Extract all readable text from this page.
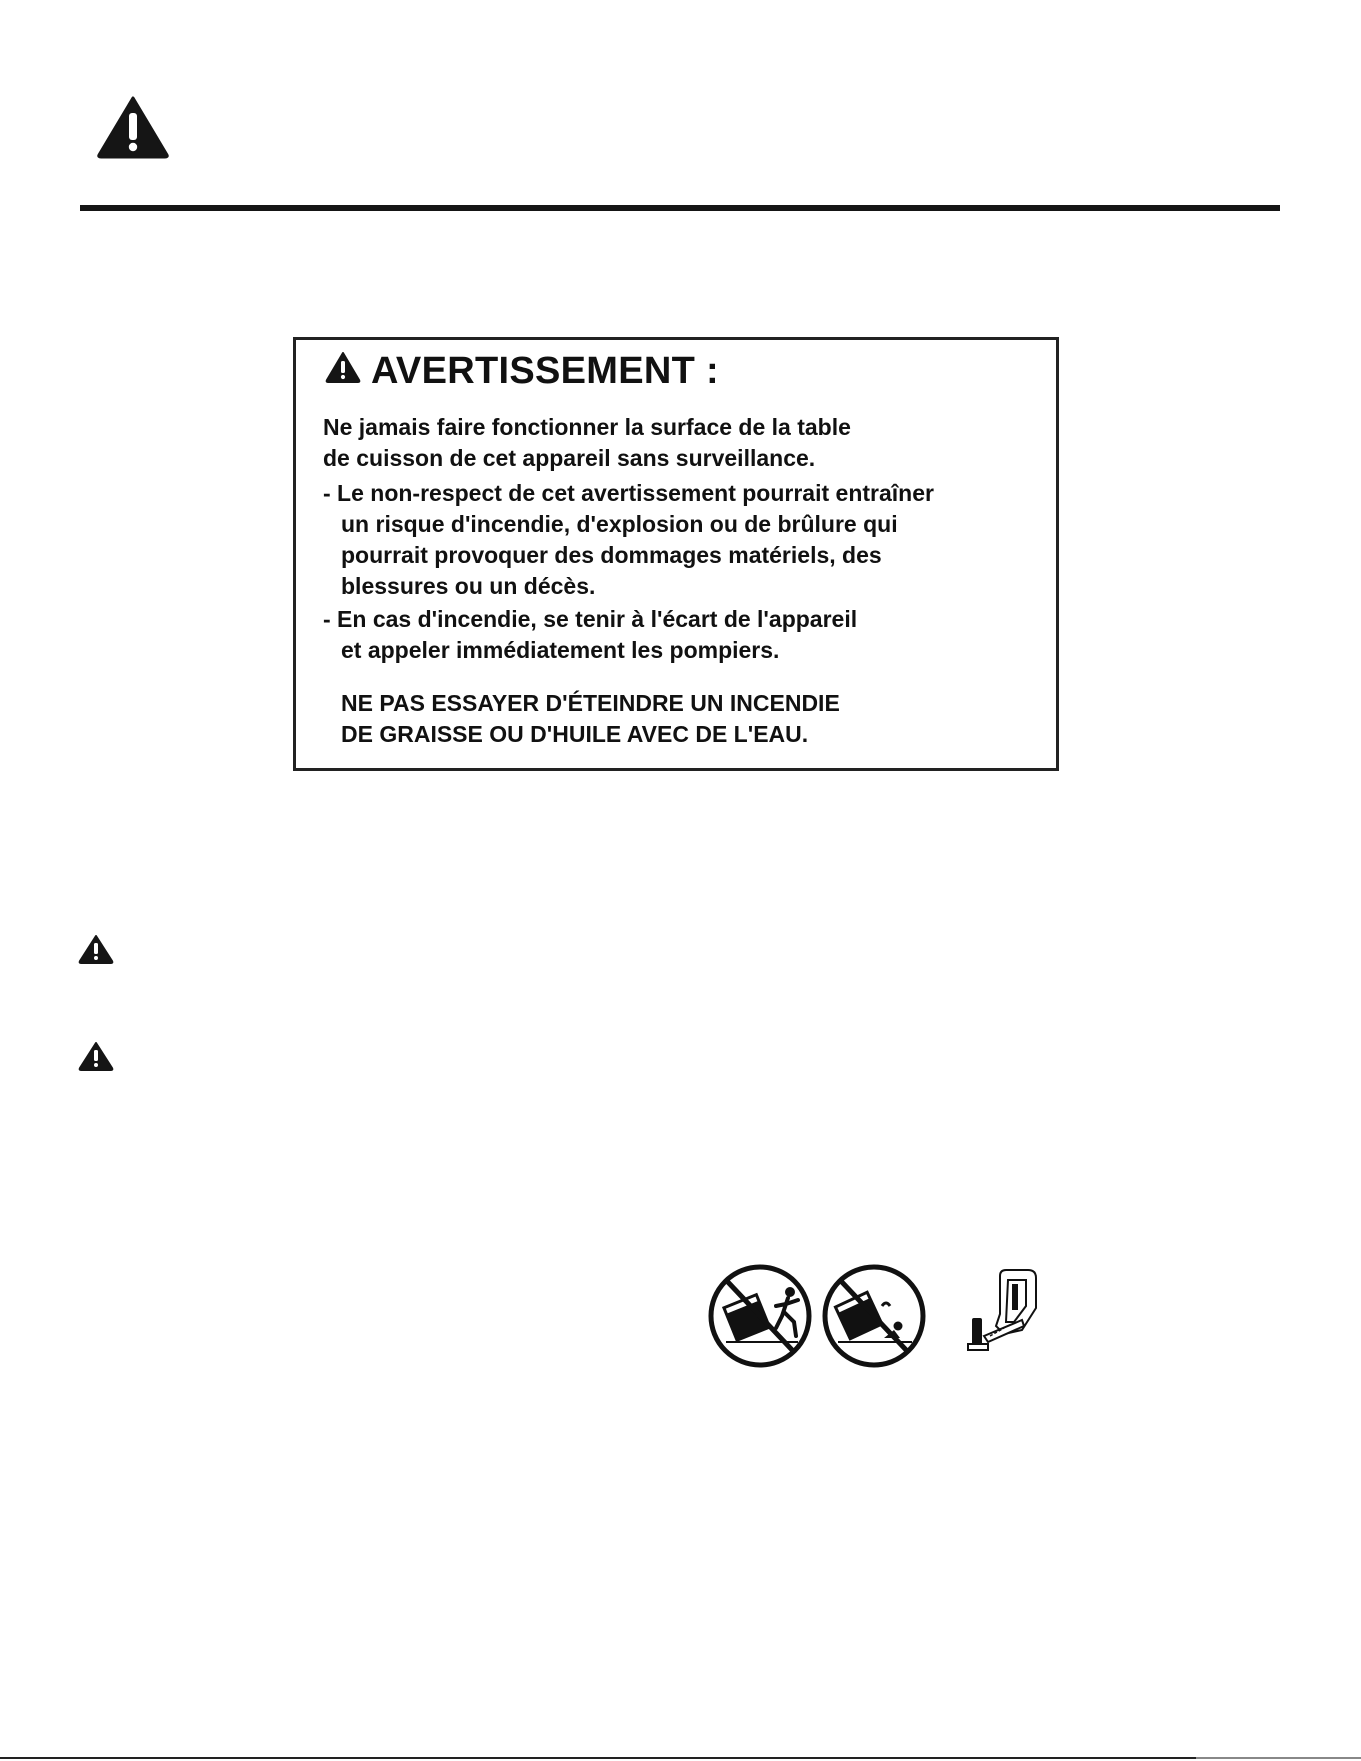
AVERTISSEMENT :
Ne jamais faire fonctionner la surface de la table
de cuisson de cet appareil sans surveillance.
- Le non-respect de cet avertissement pourrait entraîner
un risque d'incendie, d'explosion ou de brûlure qui
pourrait provoquer des dommages matériels, des
blessures ou un décès.
- En cas d'incendie, se tenir à l'écart de l'appareil
et appeler immédiatement les pompiers.
NE PAS ESSAYER D'ÉTEINDRE UN INCENDIE
DE GRAISSE OU D'HUILE AVEC DE L'EAU.
